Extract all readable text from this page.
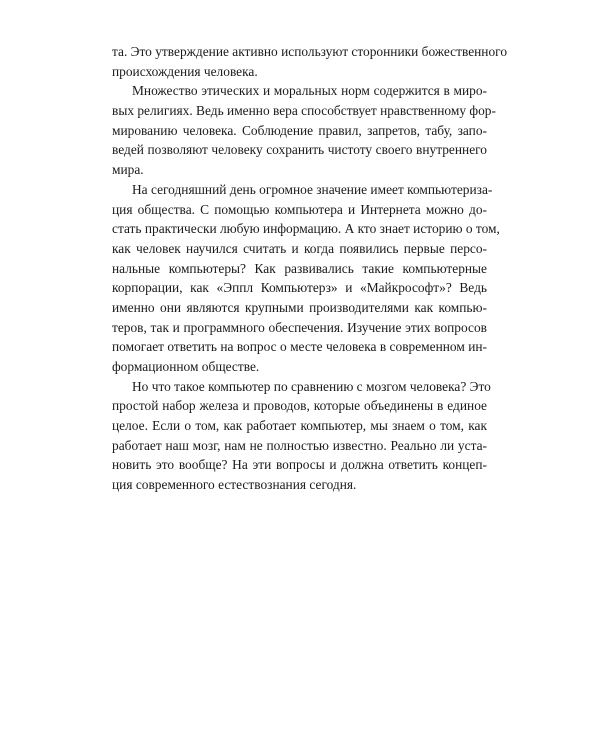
та. Это утверждение активно используют сторонники божественного
происхождения человека.
Множество этических и моральных норм содержится в миро-
вых религиях. Ведь именно вера способствует нравственному фор-
мированию человека. Соблюдение правил, запретов, табу, запо-
ведей позволяют человеку сохранить чистоту своего внутреннего
мира.
На сегодняшний день огромное значение имеет компьютериза-
ция общества. С помощью компьютера и Интернета можно до-
стать практически любую информацию. А кто знает историю о том,
как человек научился считать и когда появились первые персо-
нальные компьютеры? Как развивались такие компьютерные
корпорации, как «Эппл Компьютерз» и «Майкрософт»? Ведь
именно они являются крупными производителями как компью-
теров, так и программного обеспечения. Изучение этих вопросов
помогает ответить на вопрос о месте человека в современном ин-
формационном обществе.
Но что такое компьютер по сравнению с мозгом человека? Это
простой набор железа и проводов, которые объединены в единое
целое. Если о том, как работает компьютер, мы знаем о том, как
работает наш мозг, нам не полностью известно. Реально ли уста-
новить это вообще? На эти вопросы и должна ответить концеп-
ция современного естествознания сегодня.
